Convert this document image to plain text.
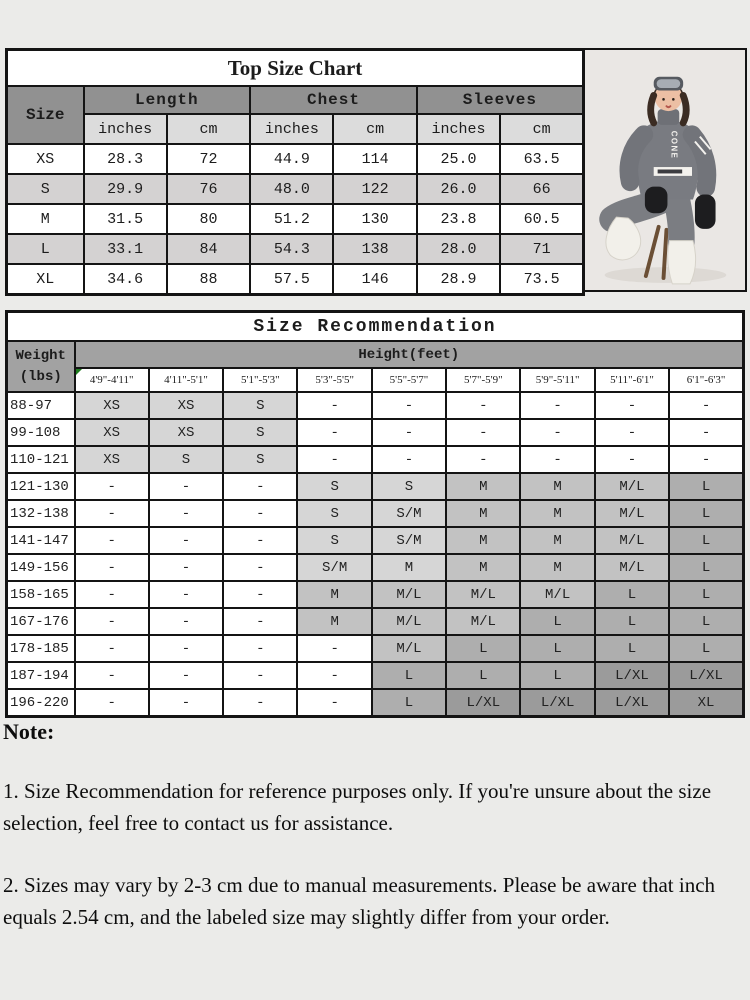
Top Size Chart						
Size	Length		Chest		Sleeves	
	inches	cm	inches	cm	inches	cm
XS	28.3	72	44.9	114	25.0	63.5
S	29.9	76	48.0	122	26.0	66
M	31.5	80	51.2	130	23.8	60.5
L	33.1	84	54.3	138	28.0	71
XL	34.6	88	57.5	146	28.9	73.5
CONE
Size Recommendation									

Weight
(lbs)	Height(feet)								
	4'9"-4'11"	4'11"-5'1"	5'1"-5'3"	5'3"-5'5"	5'5"-5'7"	5'7"-5'9"	5'9"-5'11"	5'11"-6'1"	6'1"-6'3"
88-97	XS	XS	S	-	-	-	-	-	-
99-108	XS	XS	S	-	-	-	-	-	-
110-121	XS	S	S	-	-	-	-	-	-
121-130	-	-	-	S	S	M	M	M/L	L
132-138	-	-	-	S	S/M	M	M	M/L	L
141-147	-	-	-	S	S/M	M	M	M/L	L
149-156	-	-	-	S/M	M	M	M	M/L	L
158-165	-	-	-	M	M/L	M/L	M/L	L	L
167-176	-	-	-	M	M/L	M/L	L	L	L
178-185	-	-	-	-	M/L	L	L	L	L
187-194	-	-	-	-	L	L	L	L/XL	L/XL
196-220	-	-	-	-	L	L/XL	L/XL	L/XL	XL
Note:

1. Size Recommendation for reference purposes only. If you're unsure about the size selection, feel free to contact us for assistance.

2. Sizes may vary by 2-3 cm due to manual measurements. Please be aware that inch equals 2.54 cm, and the labeled size may slightly differ from your order.
